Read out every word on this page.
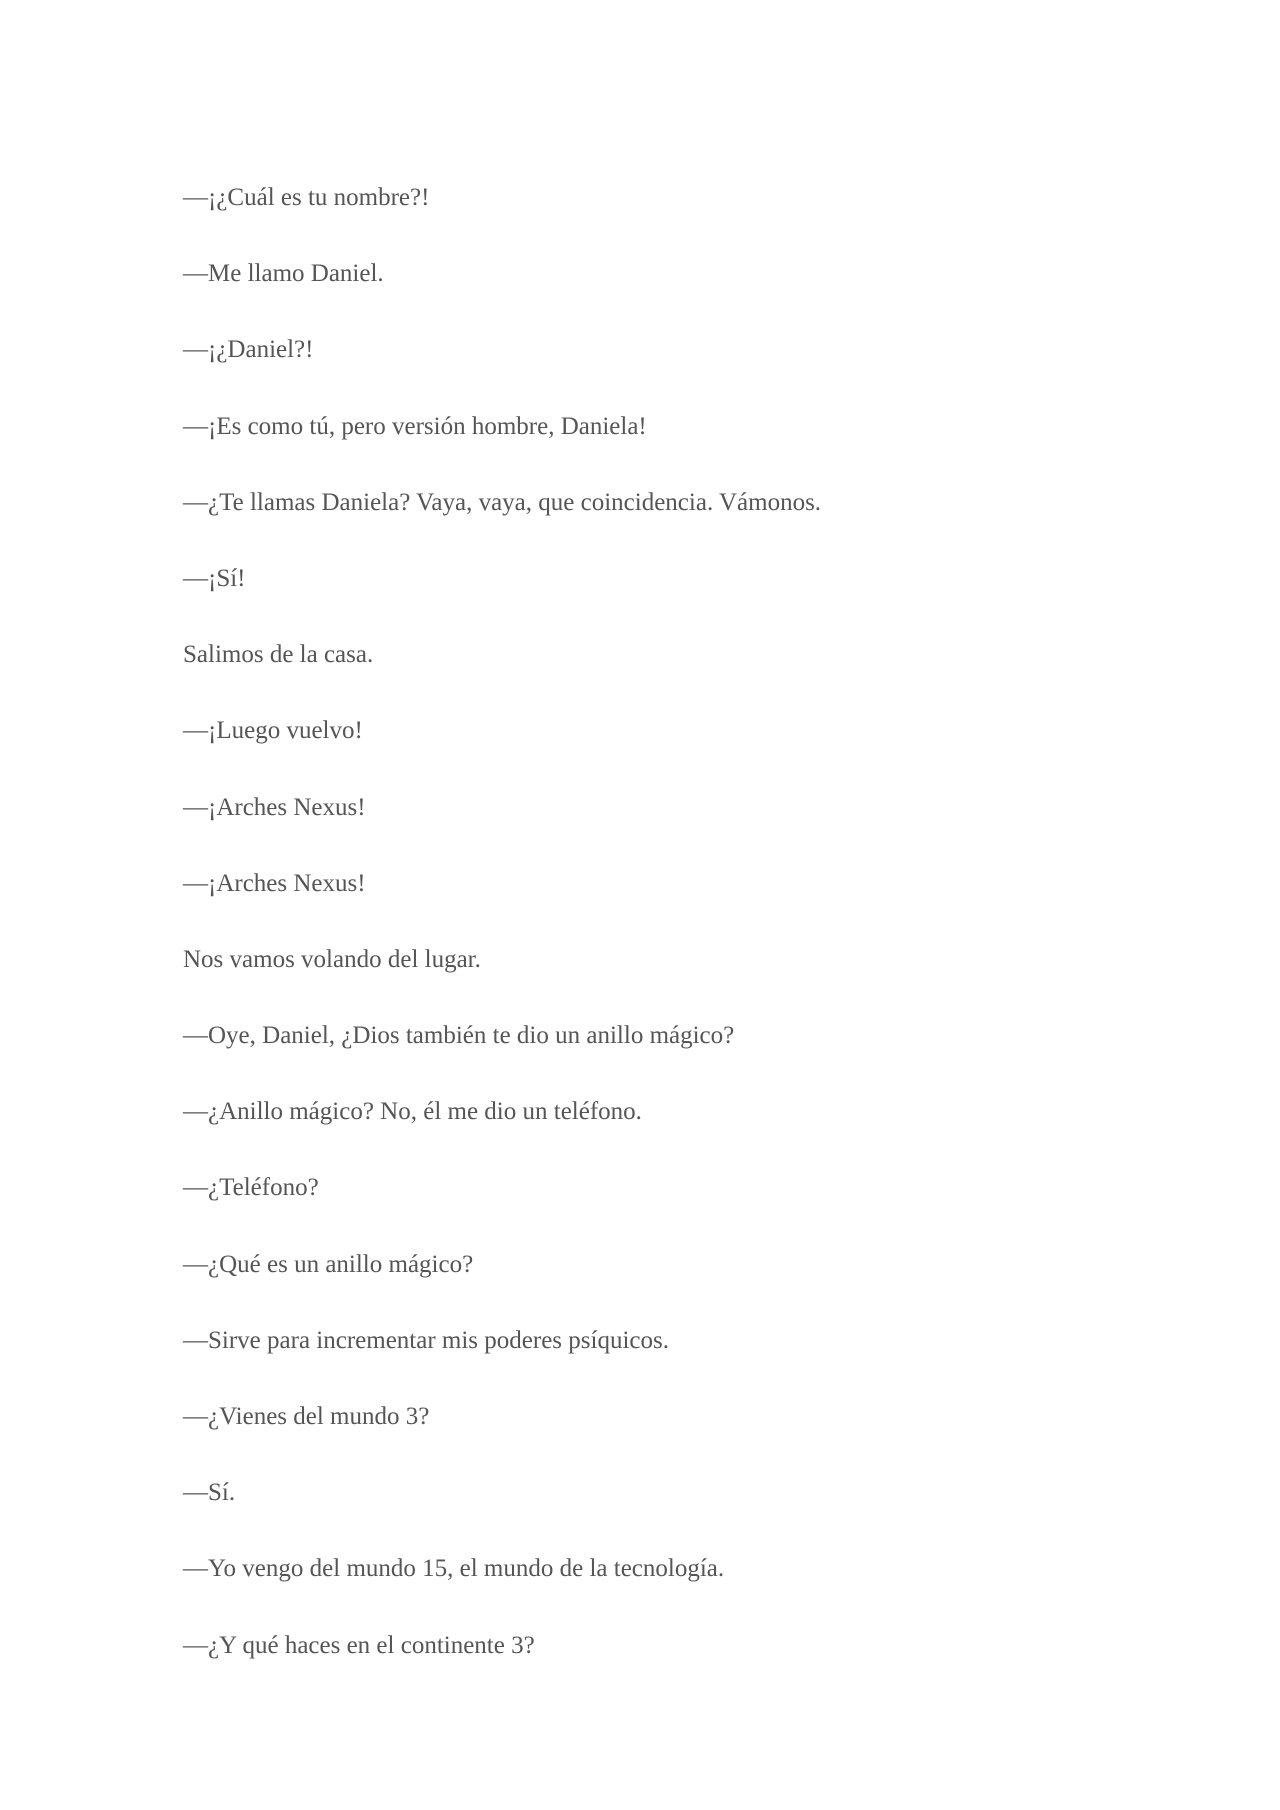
—¡¿Cuál es tu nombre?!

—Me llamo Daniel.

—¡¿Daniel?!

—¡Es como tú, pero versión hombre, Daniela!

—¿Te llamas Daniela? Vaya, vaya, que coincidencia. Vámonos.

—¡Sí!

Salimos de la casa.

—¡Luego vuelvo!

—¡Arches Nexus!

—¡Arches Nexus!

Nos vamos volando del lugar.

—Oye, Daniel, ¿Dios también te dio un anillo mágico?

—¿Anillo mágico? No, él me dio un teléfono.

—¿Teléfono?

—¿Qué es un anillo mágico?

—Sirve para incrementar mis poderes psíquicos.

—¿Vienes del mundo 3?

—Sí.

—Yo vengo del mundo 15, el mundo de la tecnología.

—¿Y qué haces en el continente 3?
